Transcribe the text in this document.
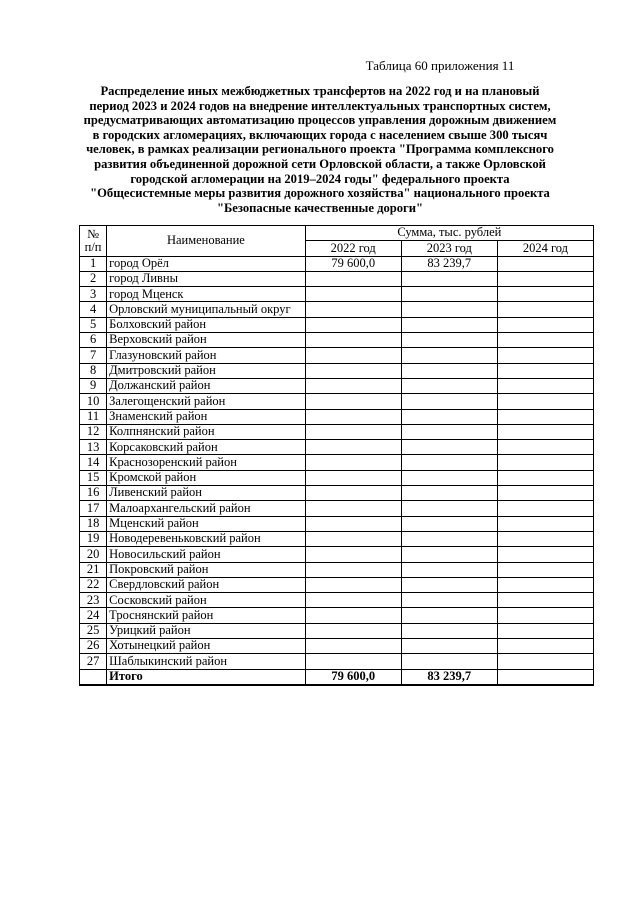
Таблица 60 приложения 11
Распределение иных межбюджетных трансфертов на 2022 год и на плановый период 2023 и 2024 годов на внедрение интеллектуальных транспортных систем, предусматривающих автоматизацию процессов управления дорожным движением в городских агломерациях, включающих города с населением свыше 300 тысяч человек, в рамках реализации регионального проекта "Программа комплексного развития объединенной дорожной сети Орловской области, а также Орловской городской агломерации на 2019–2024 годы" федерального проекта "Общесистемные меры развития дорожного хозяйства" национального проекта "Безопасные качественные дороги"
№ п/п	Наименование	Сумма, тыс. рублей		
		2022 год	2023 год	2024 год
1	город Орёл	79 600,0	83 239,7	
2	город Ливны			
3	город Мценск			
4	Орловский муниципальный округ			
5	Болховский район			
6	Верховский район			
7	Глазуновский район			
8	Дмитровский район			
9	Должанский район			
10	Залегощенский район			
11	Знаменский район			
12	Колпнянский район			
13	Корсаковский район			
14	Краснозоренский район			
15	Кромской район			
16	Ливенский район			
17	Малоархангельский район			
18	Мценский район			
19	Новодеревеньковский район			
20	Новосильский район			
21	Покровский район			
22	Свердловский район			
23	Сосковский район			
24	Троснянский район			
25	Урицкий район			
26	Хотынецкий район			
27	Шаблыкинский район			
	Итого	79 600,0	83 239,7	
